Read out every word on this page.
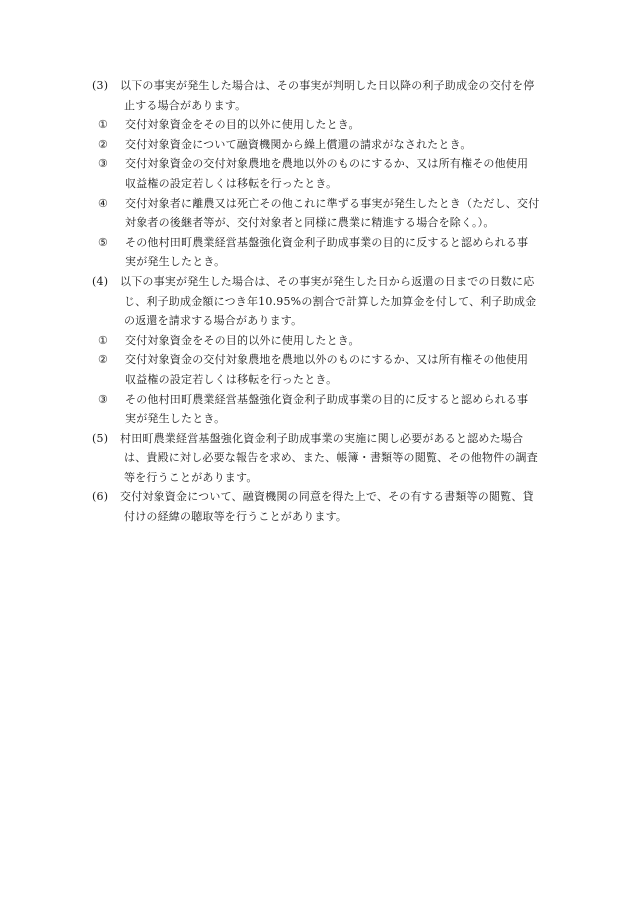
(3)	以下の事実が発生した場合は、その事実が判明した日以降の利子助成金の交付を停
止する場合があります。
①	交付対象資金をその目的以外に使用したとき。
②	交付対象資金について融資機関から繰上償還の請求がなされたとき。
③	交付対象資金の交付対象農地を農地以外のものにするか、又は所有権その他使用
収益権の設定若しくは移転を行ったとき。
④	交付対象者に離農又は死亡その他これに準ずる事実が発生したとき（ただし、交付
対象者の後継者等が、交付対象者と同様に農業に精進する場合を除く。）。
⑤	その他村田町農業経営基盤強化資金利子助成事業の目的に反すると認められる事
実が発生したとき。
(4)	以下の事実が発生した場合は、その事実が発生した日から返還の日までの日数に応
じ、利子助成金額につき年10.95%の割合で計算した加算金を付して、利子助成金
の返還を請求する場合があります。
①	交付対象資金をその目的以外に使用したとき。
②	交付対象資金の交付対象農地を農地以外のものにするか、又は所有権その他使用
収益権の設定若しくは移転を行ったとき。
③	その他村田町農業経営基盤強化資金利子助成事業の目的に反すると認められる事
実が発生したとき。
(5)	村田町農業経営基盤強化資金利子助成事業の実施に関し必要があると認めた場合
は、貴殿に対し必要な報告を求め、また、帳簿・書類等の閲覧、その他物件の調査
等を行うことがあります。
(6)	交付対象資金について、融資機関の同意を得た上で、その有する書類等の閲覧、貸
付けの経緯の聴取等を行うことがあります。
